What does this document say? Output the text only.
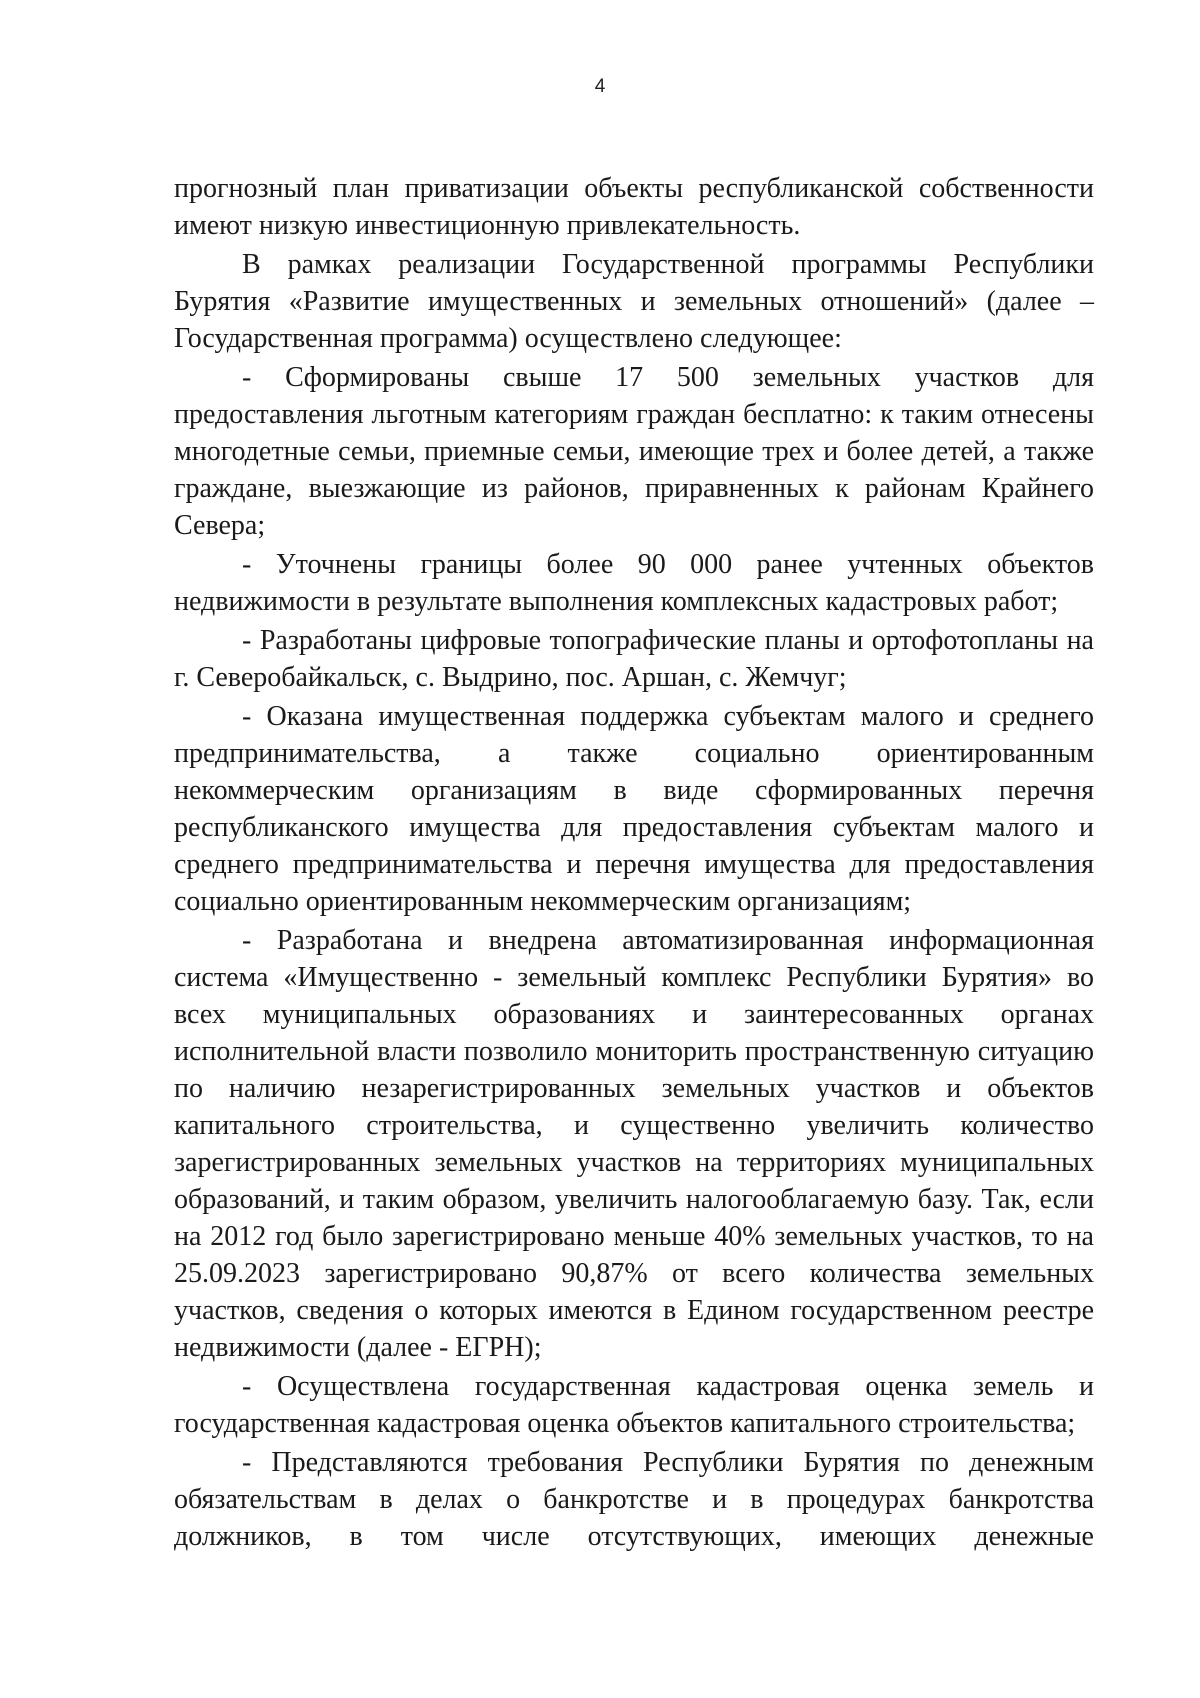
4

прогнозный план приватизации объекты республиканской собственности имеют низкую инвестиционную привлекательность.

В рамках реализации Государственной программы Республики Бурятия «Развитие имущественных и земельных отношений» (далее – Государственная программа) осуществлено следующее:

- Сформированы свыше 17 500 земельных участков для предоставления льготным категориям граждан бесплатно: к таким отнесены многодетные семьи, приемные семьи, имеющие трех и более детей, а также граждане, выезжающие из районов, приравненных к районам Крайнего Севера;

- Уточнены границы более 90 000 ранее учтенных объектов недвижимости в результате выполнения комплексных кадастровых работ;

- Разработаны цифровые топографические планы и ортофотопланы на г. Северобайкальск, с. Выдрино, пос. Аршан, с. Жемчуг;

- Оказана имущественная поддержка субъектам малого и среднего предпринимательства, а также социально ориентированным некоммерческим организациям в виде сформированных перечня республиканского имущества для предоставления субъектам малого и среднего предпринимательства и перечня имущества для предоставления социально ориентированным некоммерческим организациям;

- Разработана и внедрена автоматизированная информационная система «Имущественно - земельный комплекс Республики Бурятия» во всех муниципальных образованиях и заинтересованных органах исполнительной власти позволило мониторить пространственную ситуацию по наличию незарегистрированных земельных участков и объектов капитального строительства, и существенно увеличить количество зарегистрированных земельных участков на территориях муниципальных образований, и таким образом, увеличить налогооблагаемую базу. Так, если на 2012 год было зарегистрировано меньше 40% земельных участков, то на 25.09.2023 зарегистрировано 90,87% от всего количества земельных участков, сведения о которых имеются в Едином государственном реестре недвижимости (далее - ЕГРН);

- Осуществлена государственная кадастровая оценка земель и государственная кадастровая оценка объектов капитального строительства;

- Представляются требования Республики Бурятия по денежным обязательствам в делах о банкротстве и в процедурах банкротства должников, в том числе отсутствующих, имеющих денежные
